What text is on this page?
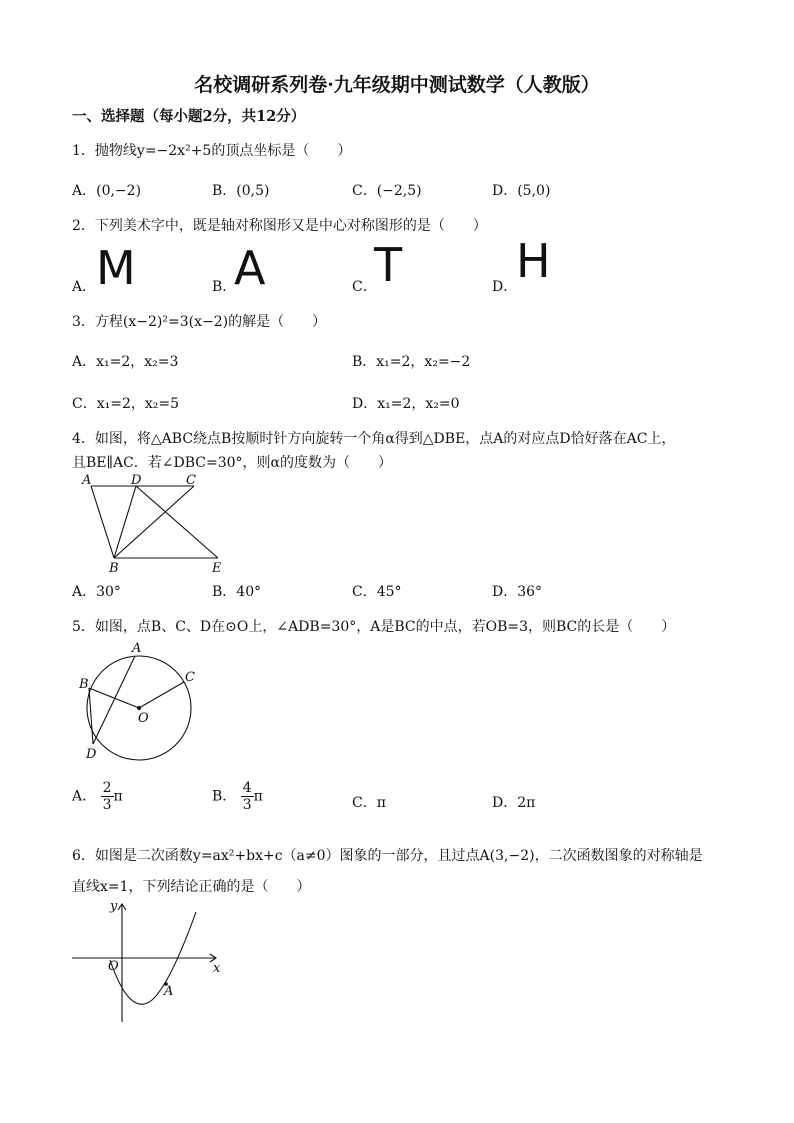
名校调研系列卷·九年级期中测试数学（人教版）
一、选择题（每小题2分，共12分）
1．抛物线y=−2x²+5的顶点坐标是（　　）
A．(0,−2)	B．(0,5)	C．(−2,5)	D．(5,0)
2．下列美术字中，既是轴对称图形又是中心对称图形的是（　　）
A． M	B．
A	C．
T	D．
H
3．方程(x−2)²=3(x−2)的解是（　　）
A．x₁=2，x₂=3	B．x₁=2，x₂=−2
C．x₁=2，x₂=5	D．x₁=2，x₂=0
4．如图，将△ABC绕点B按顺时针方向旋转一个角α得到△DBE，点A的对应点D恰好落在AC上，
且BE∥AC．若∠DBC=30°，则α的度数为（　　）
A	D	C
B	E
A．30°	B．40°	C．45°	D．36°
5．如图，点B、C、D在⊙O上，∠ADB=30°，A是BC的中点，若OB=3，则BC的长是（　　）
A
B	C
O
D
A． $\frac{2}{3}$ π	B． $\frac{4}{3}$ π	C．π	D．2π
6．如图是二次函数y=ax²+bx+c（a≠0）图象的一部分，且过点A(3,−2)，二次函数图象的对称轴是
直线x=1，下列结论正确的是（　　）
y
O	x
A
